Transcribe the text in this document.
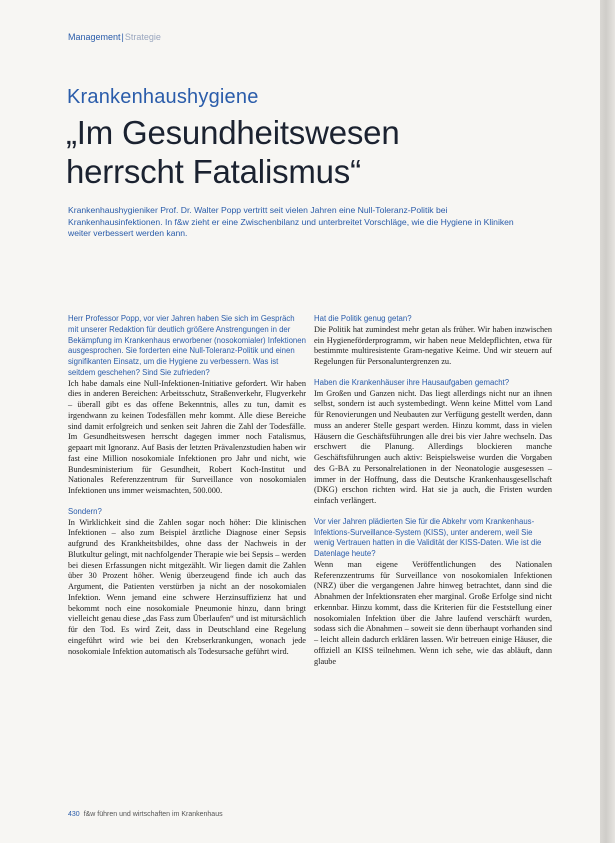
Management|Strategie
Krankenhaushygiene
„Im Gesundheitswesen herrscht Fatalismus“
Krankenhaushygieniker Prof. Dr. Walter Popp vertritt seit vielen Jahren eine Null-Toleranz-Politik bei Krankenhausinfektionen. In f&w zieht er eine Zwischenbilanz und unterbreitet Vorschläge, wie die Hygiene in Kliniken weiter verbessert werden kann.

Herr Professor Popp, vor vier Jahren haben Sie sich im Gespräch mit unserer Redaktion für deutlich größere Anstrengungen in der Bekämpfung im Krankenhaus erworbener (nosokomialer) Infektionen ausgesprochen. Sie forderten eine Null-Toleranz-Politik und einen signifikanten Einsatz, um die Hygiene zu verbessern. Was ist seitdem geschehen? Sind Sie zufrieden?

Ich habe damals eine Null-Infektionen-Initiative gefordert. Wir haben dies in anderen Bereichen: Arbeitsschutz, Straßenverkehr, Flugverkehr – überall gibt es das offene Bekenntnis, alles zu tun, damit es irgendwann zu keinen Todesfällen mehr kommt. Alle diese Bereiche sind damit erfolgreich und senken seit Jahren die Zahl der Todesfälle. Im Gesundheitswesen herrscht dagegen immer noch Fatalismus, gepaart mit Ignoranz. Auf Basis der letzten Prävalenzstudien haben wir fast eine Million nosokomiale Infektionen pro Jahr und nicht, wie Bundesministerium für Gesundheit, Robert Koch-Institut und Nationales Referenzzentrum für Surveillance von nosokomialen Infektionen uns immer weismachten, 500.000.

Sondern?

In Wirklichkeit sind die Zahlen sogar noch höher: Die klinischen Infektionen – also zum Beispiel ärztliche Diagnose einer Sepsis aufgrund des Krankheitsbildes, ohne dass der Nachweis in der Blutkultur gelingt, mit nachfolgender Therapie wie bei Sepsis – werden bei diesen Erfassungen nicht mitgezählt. Wir liegen damit die Zahlen über 30 Prozent höher. Wenig überzeugend finde ich auch das Argument, die Patienten verstürben ja nicht an der nosokomialen Infektion. Wenn jemand eine schwere Herzinsuffizienz hat und bekommt noch eine nosokomiale Pneumonie hinzu, dann bringt vielleicht genau diese „das Fass zum Überlaufen“ und ist mitursächlich für den Tod. Es wird Zeit, dass in Deutschland eine Regelung eingeführt wird wie bei den Krebserkrankungen, wonach jede nosokomiale Infektion automatisch als Todesursache geführt wird.

Hat die Politik genug getan?

Die Politik hat zumindest mehr getan als früher. Wir haben inzwischen ein Hygieneförderprogramm, wir haben neue Meldepflichten, etwa für bestimmte multiresistente Gram-negative Keime. Und wir steuern auf Regelungen für Personaluntergrenzen zu.

Haben die Krankenhäuser ihre Hausaufgaben gemacht?

Im Großen und Ganzen nicht. Das liegt allerdings nicht nur an ihnen selbst, sondern ist auch systembedingt. Wenn keine Mittel vom Land für Renovierungen und Neubauten zur Verfügung gestellt werden, dann muss an anderer Stelle gespart werden. Hinzu kommt, dass in vielen Häusern die Geschäftsführungen alle drei bis vier Jahre wechseln. Das erschwert die Planung. Allerdings blockieren manche Geschäftsführungen auch aktiv: Beispielsweise wurden die Vorgaben des G-BA zu Personalrelationen in der Neonatologie ausgesessen – immer in der Hoffnung, dass die Deutsche Krankenhausgesellschaft (DKG) erschon richten wird. Hat sie ja auch, die Fristen wurden einfach verlängert.

Vor vier Jahren plädierten Sie für die Abkehr vom Krankenhaus-Infektions-Surveillance-System (KISS), unter anderem, weil Sie wenig Vertrauen hatten in die Validität der KISS-Daten. Wie ist die Datenlage heute?

Wenn man eigene Veröffentlichungen des Nationalen Referenzzentrums für Surveillance von nosokomialen Infektionen (NRZ) über die vergangenen Jahre hinweg betrachtet, dann sind die Abnahmen der Infektionsraten eher marginal. Große Erfolge sind nicht erkennbar. Hinzu kommt, dass die Kriterien für die Feststellung einer nosokomialen Infektion über die Jahre laufend verschärft wurden, sodass sich die Abnahmen – soweit sie denn überhaupt vorhanden sind – leicht allein dadurch erklären lassen. Wir betreuen einige Häuser, die offiziell an KISS teilnehmen. Wenn ich sehe, wie das abläuft, dann glaube

430 f&w führen und wirtschaften im Krankenhaus
